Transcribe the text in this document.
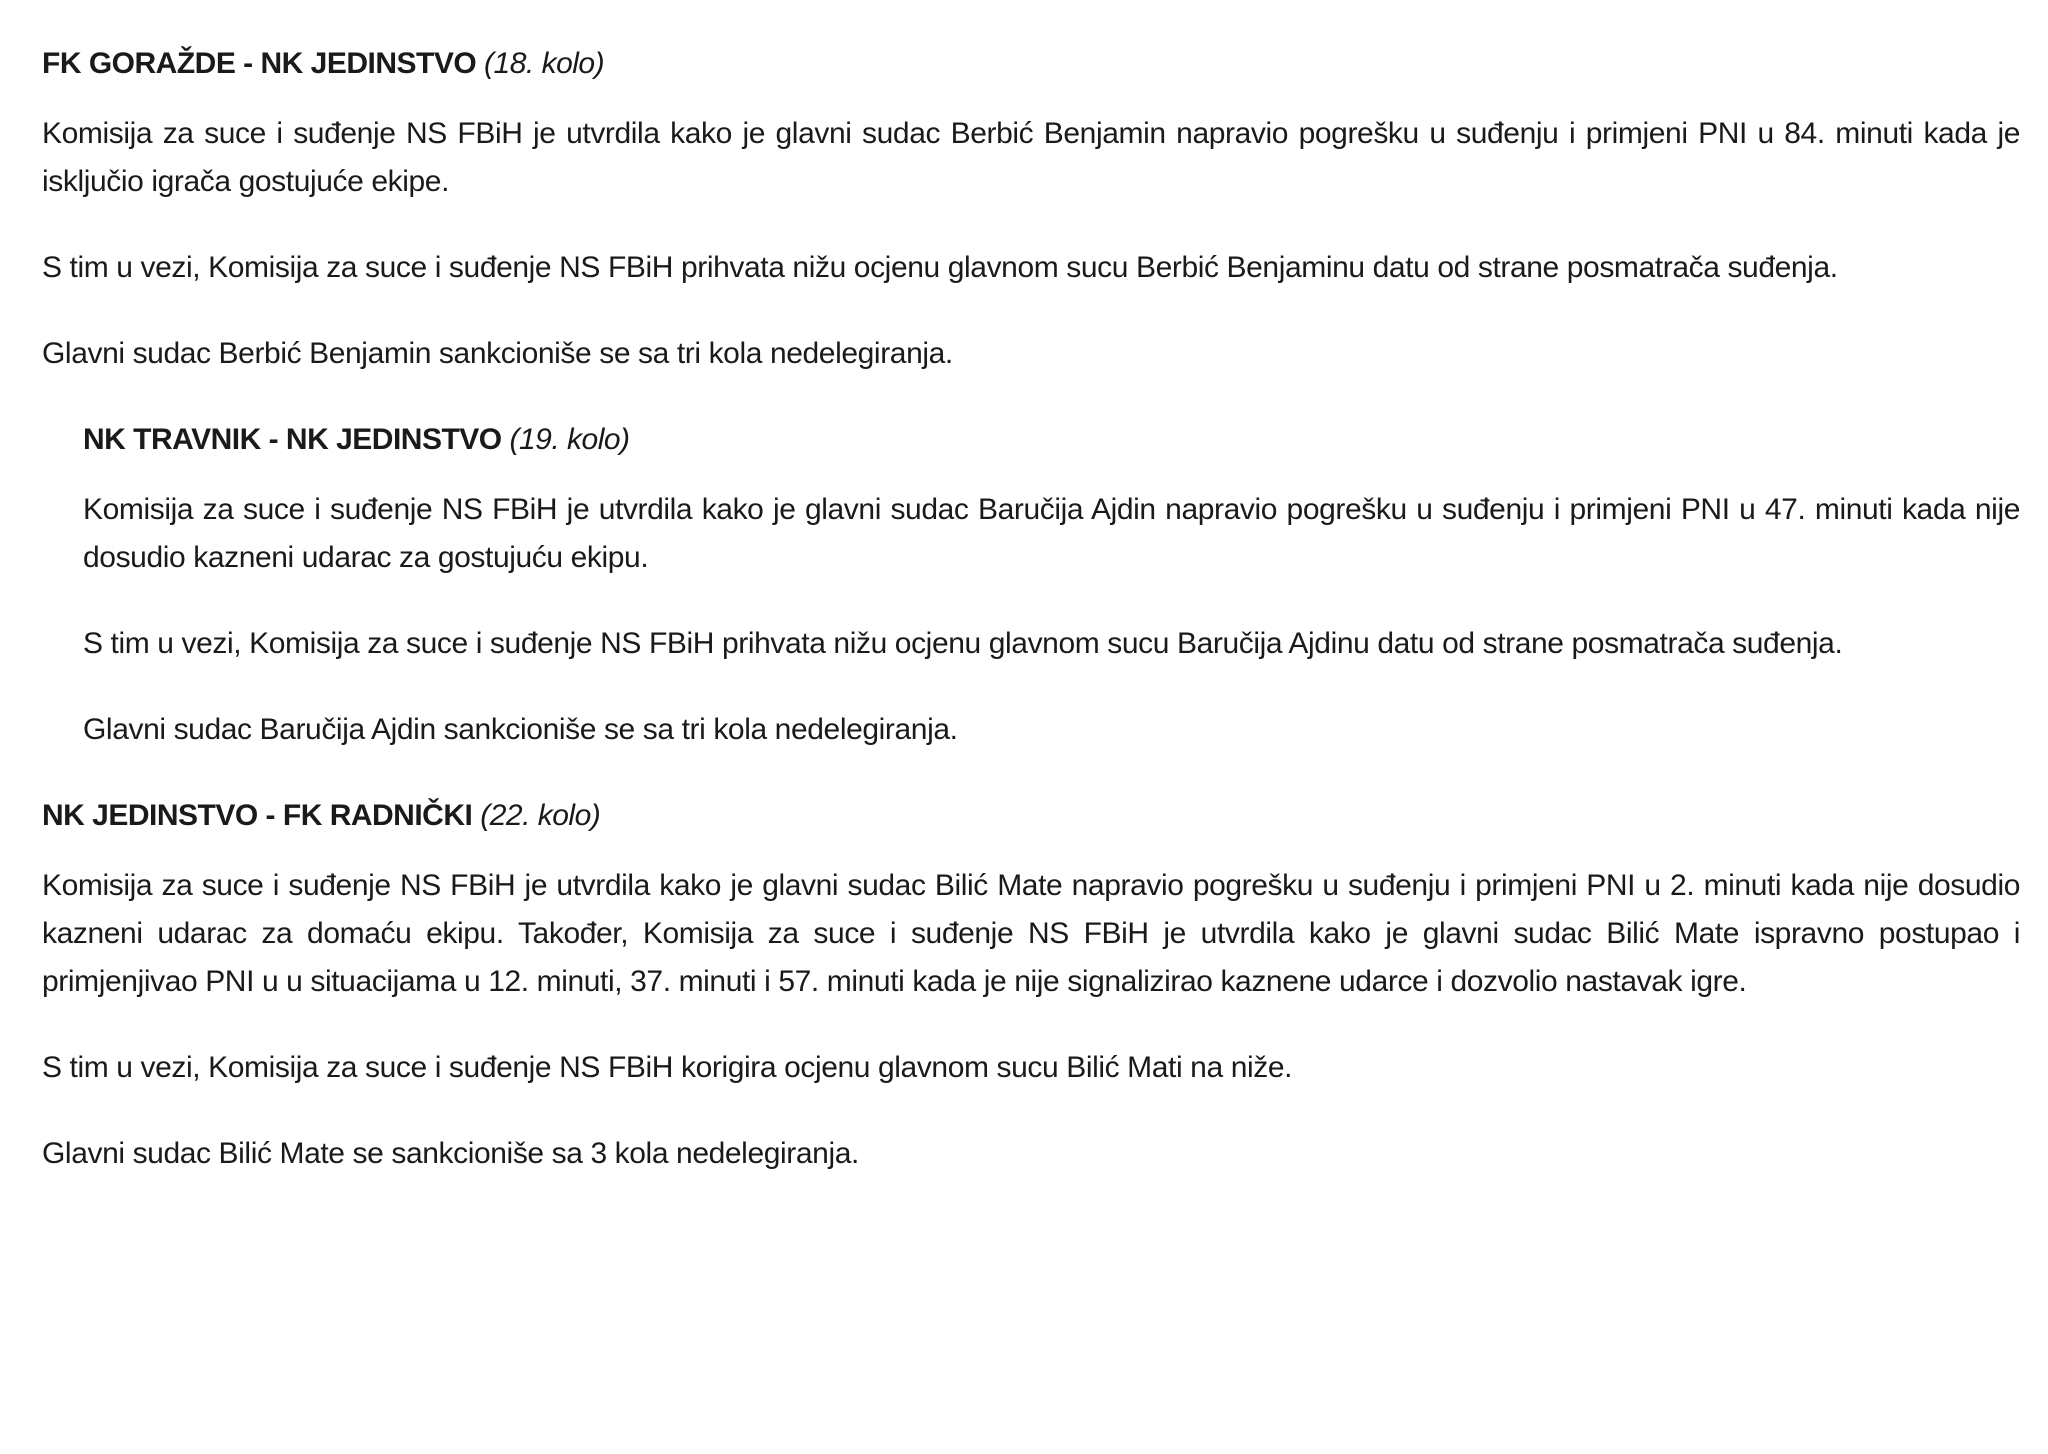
FK GORAŽDE - NK JEDINSTVO (18. kolo)

Komisija za suce i suđenje NS FBiH je utvrdila kako je glavni sudac Berbić Benjamin napravio pogrešku u suđenju i primjeni PNI u 84. minuti kada je isključio igrača gostujuće ekipe.

S tim u vezi, Komisija za suce i suđenje NS FBiH prihvata nižu ocjenu glavnom sucu Berbić Benjaminu datu od strane posmatrača suđenja.

Glavni sudac Berbić Benjamin sankcioniše se sa tri kola nedelegiranja.

NK TRAVNIK - NK JEDINSTVO (19. kolo)

Komisija za suce i suđenje NS FBiH je utvrdila kako je glavni sudac Baručija Ajdin napravio pogrešku u suđenju i primjeni PNI u 47. minuti kada nije dosudio kazneni udarac za gostujuću ekipu.

S tim u vezi, Komisija za suce i suđenje NS FBiH prihvata nižu ocjenu glavnom sucu Baručija Ajdinu datu od strane posmatrača suđenja.

Glavni sudac Baručija Ajdin sankcioniše se sa tri kola nedelegiranja.

NK JEDINSTVO - FK RADNIČKI (22. kolo)

Komisija za suce i suđenje NS FBiH je utvrdila kako je glavni sudac Bilić Mate napravio pogrešku u suđenju i primjeni PNI u 2. minuti kada nije dosudio kazneni udarac za domaću ekipu. Također, Komisija za suce i suđenje NS FBiH je utvrdila kako je glavni sudac Bilić Mate ispravno postupao i primjenjivao PNI u u situacijama u 12. minuti, 37. minuti i 57. minuti kada je nije signalizirao kaznene udarce i dozvolio nastavak igre.

S tim u vezi, Komisija za suce i suđenje NS FBiH korigira ocjenu glavnom sucu Bilić Mati na niže.

Glavni sudac Bilić Mate se sankcioniše sa 3 kola nedelegiranja.
